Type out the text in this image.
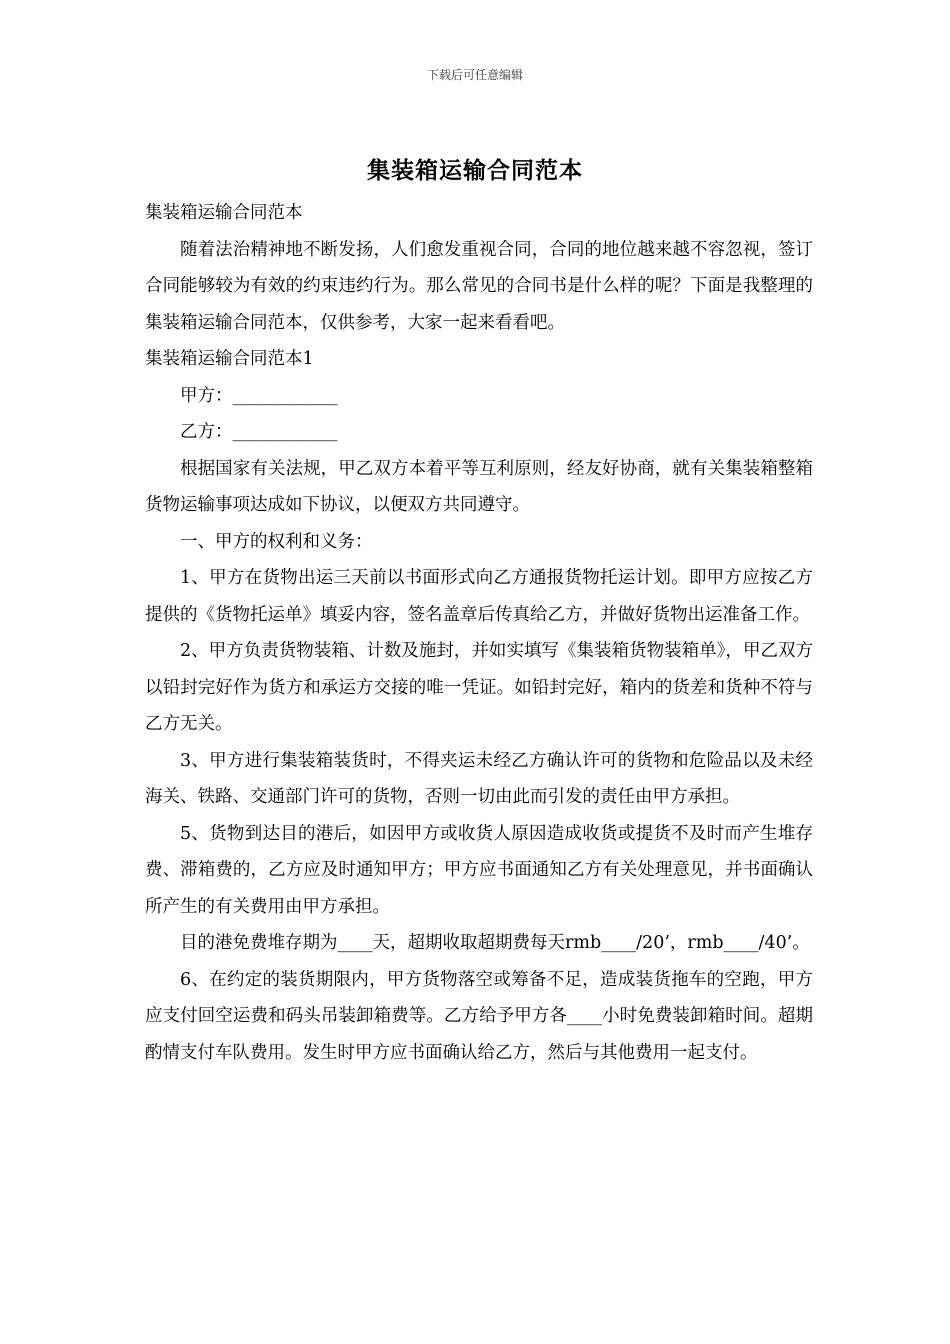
下载后可任意编辑
集装箱运输合同范本

集装箱运输合同范本

随着法治精神地不断发扬，人们愈发重视合同，合同的地位越来越不容忽视，签订合同能够较为有效的约束违约行为。那么常见的合同书是什么样的呢？下面是我整理的集装箱运输合同范本，仅供参考，大家一起来看看吧。

集装箱运输合同范本1

甲方：____________

乙方：____________

根据国家有关法规，甲乙双方本着平等互利原则，经友好协商，就有关集装箱整箱货物运输事项达成如下协议，以便双方共同遵守。

一、甲方的权利和义务：

1、甲方在货物出运三天前以书面形式向乙方通报货物托运计划。即甲方应按乙方提供的《货物托运单》填妥内容，签名盖章后传真给乙方，并做好货物出运准备工作。

2、甲方负责货物装箱、计数及施封，并如实填写《集装箱货物装箱单》，甲乙双方以铅封完好作为货方和承运方交接的唯一凭证。如铅封完好，箱内的货差和货种不符与乙方无关。

3、甲方进行集装箱装货时，不得夹运未经乙方确认许可的货物和危险品以及未经海关、铁路、交通部门许可的货物，否则一切由此而引发的责任由甲方承担。

5、货物到达目的港后，如因甲方或收货人原因造成收货或提货不及时而产生堆存费、滞箱费的，乙方应及时通知甲方；甲方应书面通知乙方有关处理意见，并书面确认所产生的有关费用由甲方承担。

目的港免费堆存期为____天，超期收取超期费每天rmb____/20’，rmb____/40’。

6、在约定的装货期限内，甲方货物落空或筹备不足，造成装货拖车的空跑，甲方应支付回空运费和码头吊装卸箱费等。乙方给予甲方各____小时免费装卸箱时间。超期酌情支付车队费用。发生时甲方应书面确认给乙方，然后与其他费用一起支付。
